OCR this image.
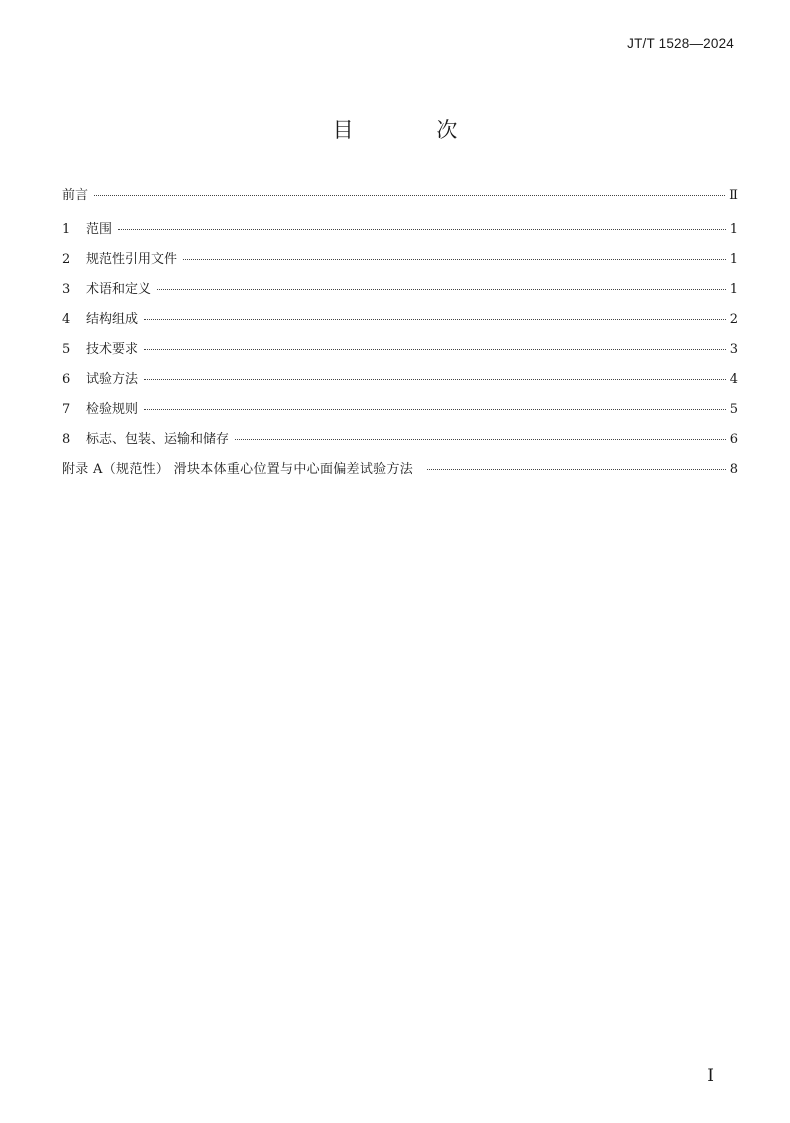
JT/T 1528—2024
目 次
前言	Ⅱ
1	范围	1
2	规范性引用文件	1
3	术语和定义	1
4	结构组成	2
5	技术要求	3
6	试验方法	4
7	检验规则	5
8	标志、包装、运输和储存	6
附录 A（规范性） 滑块本体重心位置与中心面偏差试验方法	8
I
